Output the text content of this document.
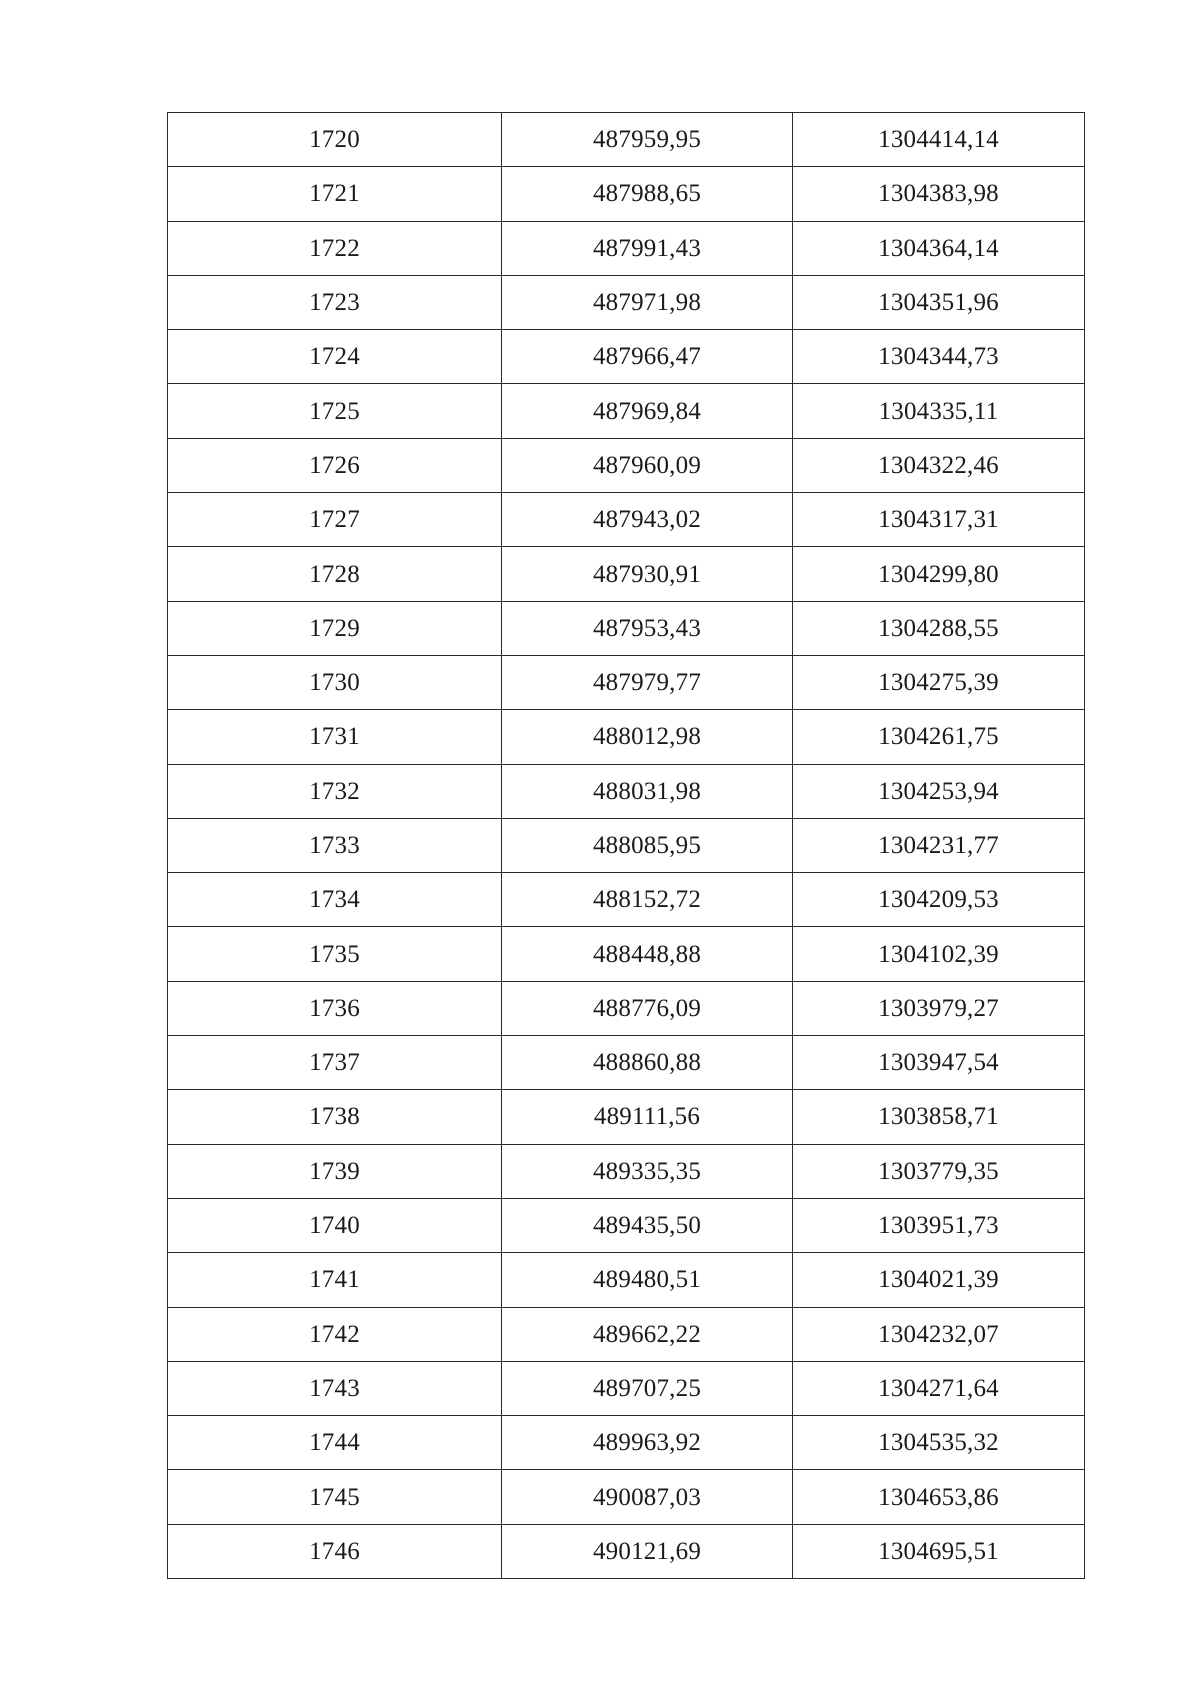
1720	487959,95	1304414,14
1721	487988,65	1304383,98
1722	487991,43	1304364,14
1723	487971,98	1304351,96
1724	487966,47	1304344,73
1725	487969,84	1304335,11
1726	487960,09	1304322,46
1727	487943,02	1304317,31
1728	487930,91	1304299,80
1729	487953,43	1304288,55
1730	487979,77	1304275,39
1731	488012,98	1304261,75
1732	488031,98	1304253,94
1733	488085,95	1304231,77
1734	488152,72	1304209,53
1735	488448,88	1304102,39
1736	488776,09	1303979,27
1737	488860,88	1303947,54
1738	489111,56	1303858,71
1739	489335,35	1303779,35
1740	489435,50	1303951,73
1741	489480,51	1304021,39
1742	489662,22	1304232,07
1743	489707,25	1304271,64
1744	489963,92	1304535,32
1745	490087,03	1304653,86
1746	490121,69	1304695,51
